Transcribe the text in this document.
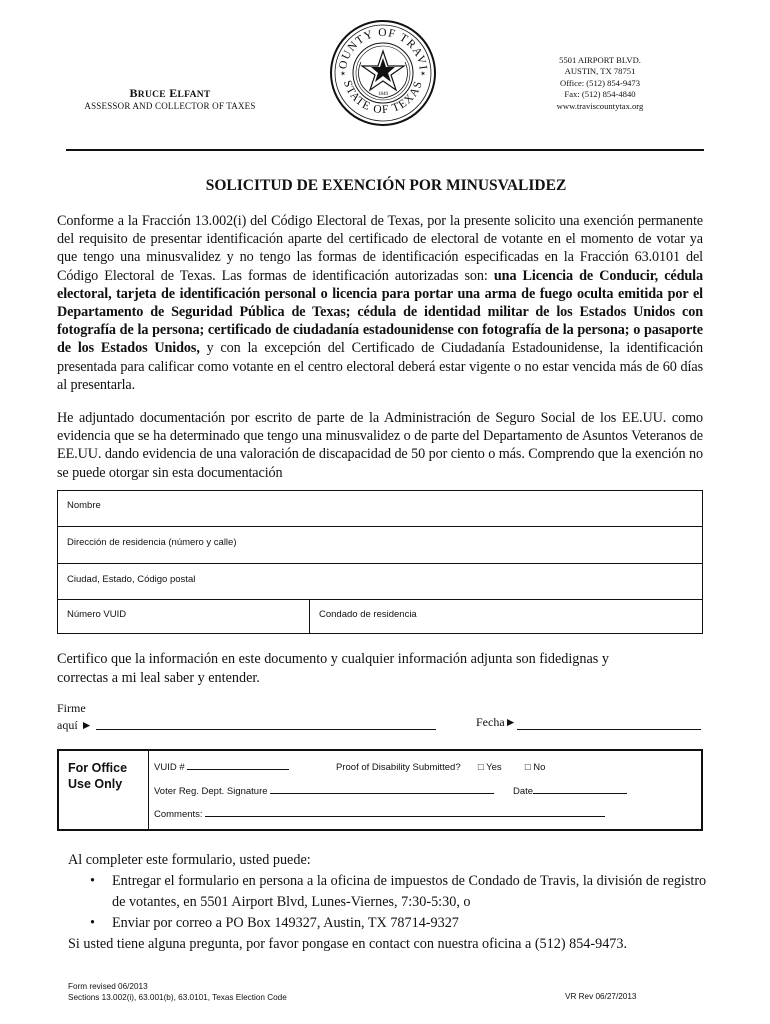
BRUCE ELFANT
ASSESSOR AND COLLECTOR OF TAXES
OUNTY OF TRAVI
STATE OF TEXAS
1840
✶	✶
5501 AIRPORT BLVD.
AUSTIN, TX 78751
Office: (512) 854-9473
Fax: (512) 854-4840
www.traviscountytax.org
SOLICITUD DE EXENCIÓN POR MINUSVALIDEZ

Conforme a la Fracción 13.002(i) del Código Electoral de Texas, por la presente solicito una exención permanente del requisito de presentar identificación aparte del certificado de electoral de votante en el momento de votar ya que tengo una minusvalidez y no tengo las formas de identificación especificadas en la Fracción 63.0101 del Código Electoral de Texas. Las formas de identificación autorizadas son: una Licencia de Conducir, cédula electoral, tarjeta de identificación personal o licencia para portar una arma de fuego oculta emitida por el Departamento de Seguridad Pública de Texas; cédula de identidad militar de los Estados Unidos con fotografía de la persona; certificado de ciudadanía estadounidense con fotografía de la persona; o pasaporte de los Estados Unidos, y con la excepción del Certificado de Ciudadanía Estadounidense, la identificación presentada para calificar como votante en el centro electoral deberá estar vigente o no estar vencida más de 60 días al presentarla.

He adjuntado documentación por escrito de parte de la Administración de Seguro Social de los EE.UU. como evidencia que se ha determinado que tengo una minusvalidez o de parte del Departamento de Asuntos Veteranos de EE.UU. dando evidencia de una valoración de discapacidad de 50 por ciento o más. Comprendo que la exención no se puede otorgar sin esta documentación

Nombre
Dirección de residencia (número y calle)
Ciudad, Estado, Código postal
Número VUID	Condado de residencia
Certifico que la información en este documento y cualquier información adjunta son fidedignas y correctas a mi leal saber y entender.
Firme
aquí ►	Fecha►
For Office Use Only
VUID #	Proof of Disability Submitted? □ Yes □ No
Voter Reg. Dept. Signature	Date
Comments:
Al completer este formulario, usted puede:
• Entregar el formulario en persona a la oficina de impuestos de Condado de Travis, la división de registro de votantes, en 5501 Airport Blvd, Lunes-Viernes, 7:30-5:30, o
• Enviar por correo a PO Box 149327, Austin, TX 78714-9327
Si usted tiene alguna pregunta, por favor pongase en contact con nuestra oficina a (512) 854-9473.
Form revised 06/2013
Sections 13.002(i), 63.001(b), 63.0101, Texas Election Code	VR Rev 06/27/2013
